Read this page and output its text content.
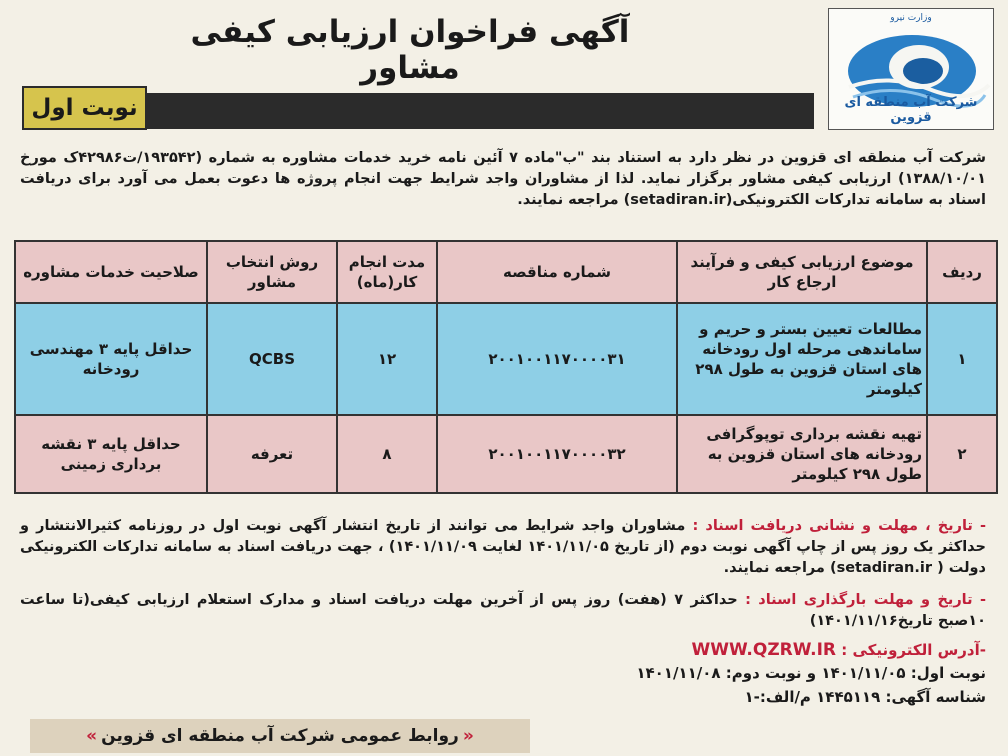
آگهی فراخوان ارزیابی کیفی مشاور
نوبت اول
وزارت نیرو
شرکت آب منطقه ای قزوین
شرکت آب منطقه ای قزوین در نظر دارد به استناد بند "ب"ماده ۷ آئین نامه خرید خدمات مشاوره به شماره (۱۹۳۵۴۲/ت۴۲۹۸۶ک مورخ ۱۳۸۸/۱۰/۰۱) ارزیابی کیفی مشاور برگزار نماید. لذا از مشاوران واجد شرایط جهت انجام پروژه ها دعوت بعمل می آورد برای دریافت اسناد به سامانه تدارکات الکترونیکی(setadiran.ir) مراجعه نمایند.
ردیف	موضوع ارزیابی کیفی و فرآیند ارجاع کار	شماره مناقصه	مدت انجام کار(ماه)	روش انتخاب مشاور	صلاحیت خدمات مشاوره
۱	مطالعات تعیین بستر و حریم و ساماندهی مرحله اول رودخانه های استان قزوین به طول ۲۹۸ کیلومتر	۲۰۰۱۰۰۱۱۷۰۰۰۰۳۱	۱۲	QCBS	حداقل پایه ۳ مهندسی رودخانه
۲	تهیه نقشه برداری توپوگرافی رودخانه های استان قزوین به طول ۲۹۸ کیلومتر	۲۰۰۱۰۰۱۱۷۰۰۰۰۳۲	۸	تعرفه	حداقل پایه ۳ نقشه برداری زمینی
- تاریخ ، مهلت و نشانی دریافت اسناد : مشاوران واجد شرایط می توانند از تاریخ انتشار آگهی نوبت اول در روزنامه کثیرالانتشار و حداکثر یک روز پس از چاپ آگهی نوبت دوم (از تاریخ ۱۴۰۱/۱۱/۰۵ لغایت ۱۴۰۱/۱۱/۰۹) ، جهت دریافت اسناد به سامانه تدارکات الکترونیکی دولت ( setadiran.ir) مراجعه نمایند.
- تاریخ و مهلت بارگذاری اسناد : حداکثر ۷ (هفت) روز پس از آخرین مهلت دریافت اسناد و مدارک استعلام ارزیابی کیفی(تا ساعت ۱۰صبح تاریخ۱۴۰۱/۱۱/۱۶)
-آدرس الکترونیکی : WWW.QZRW.IR
نوبت اول: ۱۴۰۱/۱۱/۰۵ و نوبت دوم: ۱۴۰۱/۱۱/۰۸
شناسه آگهی: ۱۴۴۵۱۱۹ م/الف:-۱
«
روابط عمومی شرکت آب منطقه ای قزوین
»
